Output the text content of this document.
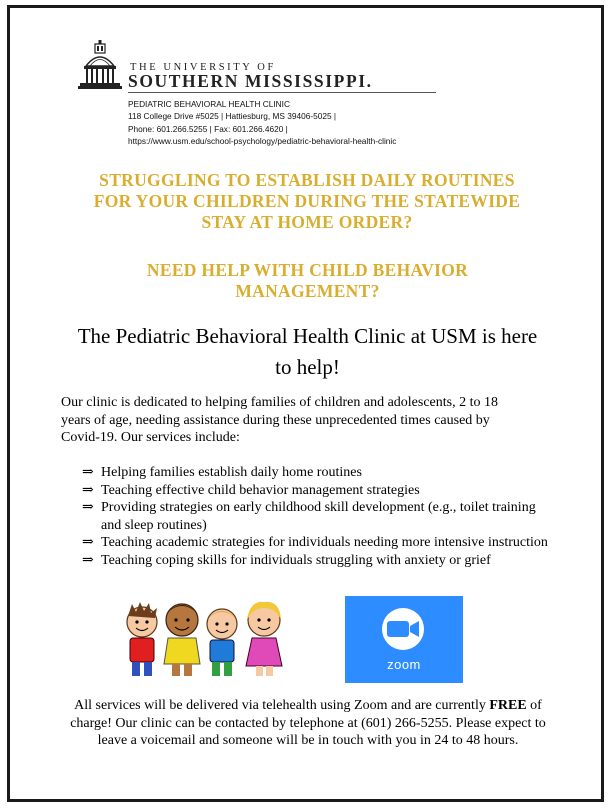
THE UNIVERSITY OF
SOUTHERN MISSISSIPPI.
PEDIATRIC BEHAVIORAL HEALTH CLINIC
118 College Drive #5025 | Hattiesburg, MS 39406-5025 |
Phone: 601.266.5255 | Fax: 601.266.4620 |
https://www.usm.edu/school-psychology/pediatric-behavioral-health-clinic
STRUGGLING TO ESTABLISH DAILY ROUTINES FOR YOUR CHILDREN DURING THE STATEWIDE STAY AT HOME ORDER?
NEED HELP WITH CHILD BEHAVIOR MANAGEMENT?
The Pediatric Behavioral Health Clinic at USM is here to help!
Our clinic is dedicated to helping families of children and adolescents, 2 to 18 years of age, needing assistance during these unprecedented times caused by Covid-19. Our services include:
⇒ Helping families establish daily home routines
⇒ Teaching effective child behavior management strategies
⇒ Providing strategies on early childhood skill development (e.g., toilet training and sleep routines)
⇒ Teaching academic strategies for individuals needing more intensive instruction
⇒ Teaching coping skills for individuals struggling with anxiety or grief
zoom
All services will be delivered via telehealth using Zoom and are currently FREE of charge! Our clinic can be contacted by telephone at (601) 266-5255. Please expect to leave a voicemail and someone will be in touch with you in 24 to 48 hours.
